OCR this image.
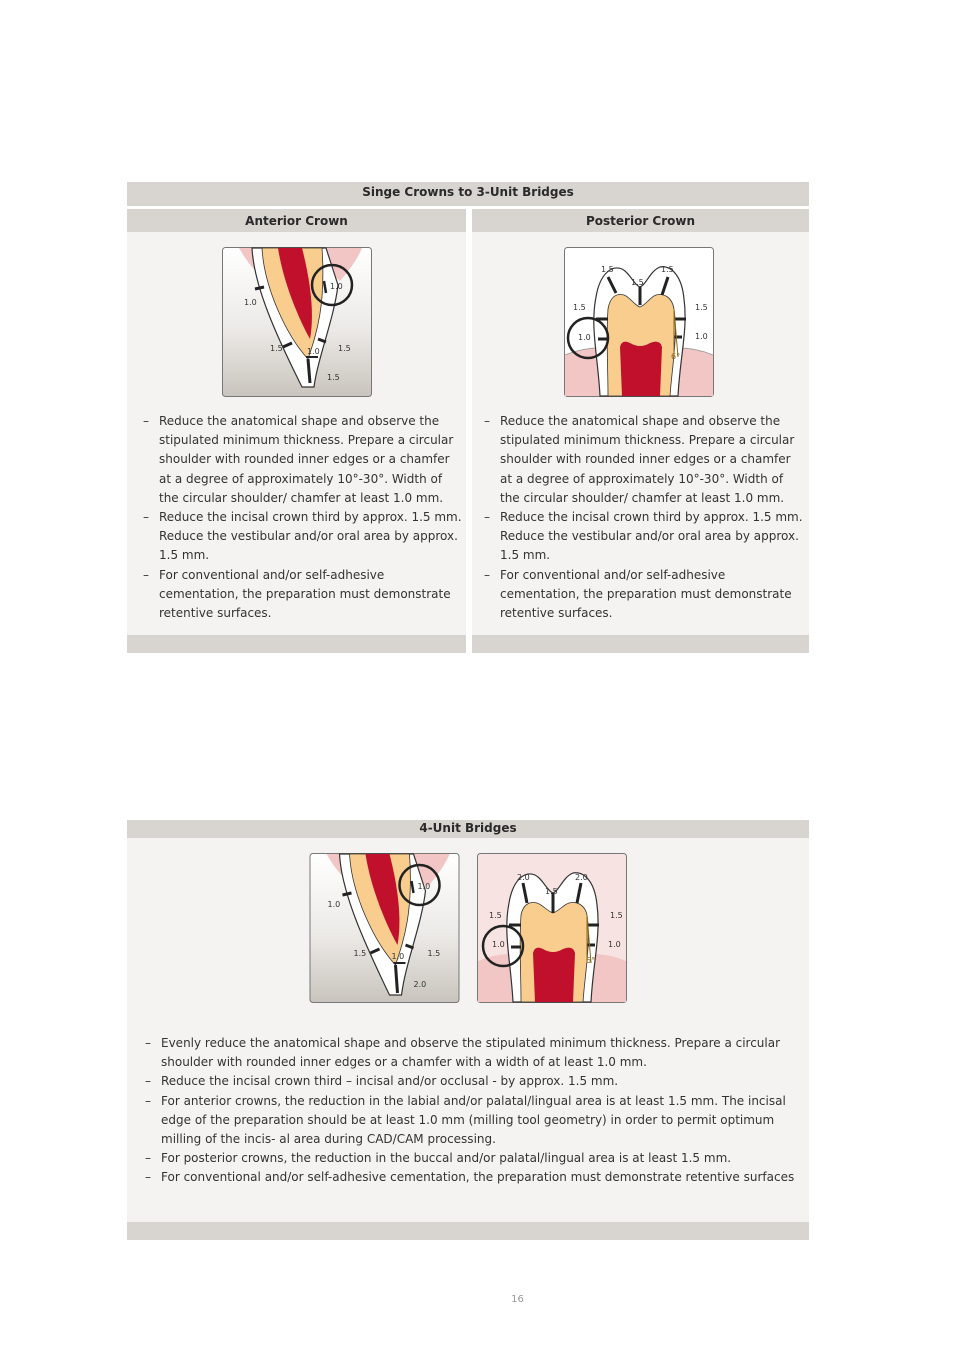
Singe Crowns to 3-Unit Bridges
Anterior Crown	Posterior Crown
1.0
1.0
1.5	1.0 1.5
1.5
1.5
1.5
1.5
1.5	1.5
1.0	1.0
6°
– Reduce the anatomical shape and observe the stipulated minimum thickness. Prepare a circular shoulder with rounded inner edges or a chamfer at a degree of approximately 10°-30°. Width of the circular shoulder/ chamfer at least 1.0 mm.
– Reduce the incisal crown third by approx. 1.5 mm. Reduce the vestibular and/or oral area by approx. 1.5 mm.
– For conventional and/or self-adhesive cementation, the preparation must demonstrate retentive surfaces.
– Reduce the anatomical shape and observe the stipulated minimum thickness. Prepare a circular shoulder with rounded inner edges or a chamfer at a degree of approximately 10°-30°. Width of the circular shoulder/ chamfer at least 1.0 mm.
– Reduce the incisal crown third by approx. 1.5 mm. Reduce the vestibular and/or oral area by approx. 1.5 mm.
– For conventional and/or self-adhesive cementation, the preparation must demonstrate retentive surfaces.
4-Unit Bridges
1.0
1.0
1.5	1.0	1.5
2.0
2.0
1.5
2.0
1.5	1.5
1.0	1.0
6°
– Evenly reduce the anatomical shape and observe the stipulated minimum thickness. Prepare a circular shoulder with rounded inner edges or a chamfer with a width of at least 1.0 mm.
– Reduce the incisal crown third – incisal and/or occlusal - by approx. 1.5 mm.
– For anterior crowns, the reduction in the labial and/or palatal/lingual area is at least 1.5 mm. The incisal edge of the preparation should be at least 1.0 mm (milling tool geometry) in order to permit optimum milling of the incis- al area during CAD/CAM processing.
– For posterior crowns, the reduction in the buccal and/or palatal/lingual area is at least 1.5 mm.
– For conventional and/or self-adhesive cementation, the preparation must demonstrate retentive surfaces
16
